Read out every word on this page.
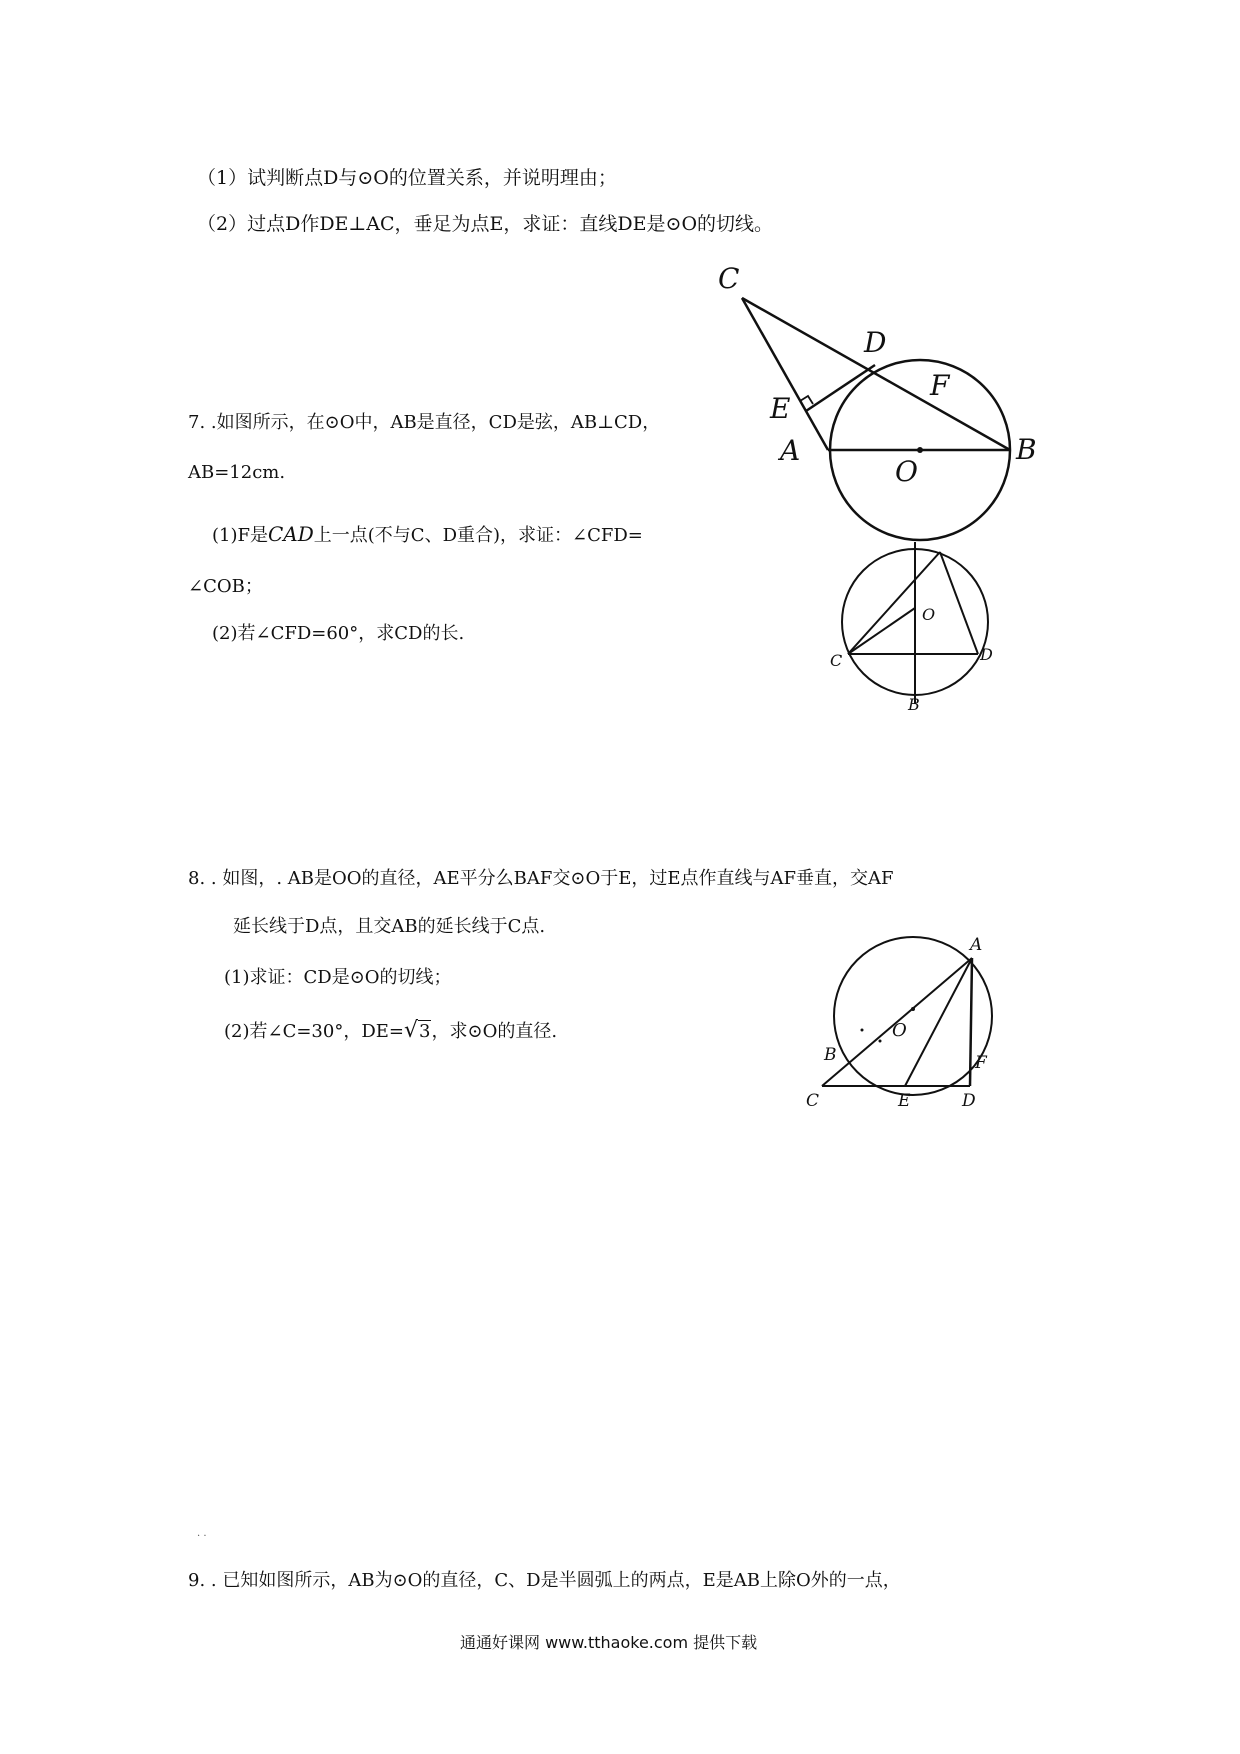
（1）试判断点D与⊙O的位置关系，并说明理由；
（2）过点D作DE⊥AC，垂足为点E，求证：直线DE是⊙O的切线。
C
D
F
E
A
O
B
7. .如图所示，在⊙O中，AB是直径，CD是弦，AB⊥CD，
AB=12cm.
(1)F是CAD上一点(不与C、D重合)，求证：∠CFD=
∠COB；
(2)若∠CFD=60°，求CD的长.
O
C	D
B
8. . 如图，. AB是OO的直径，AE平分么BAF交⊙O于E，过E点作直线与AF垂直，交AF
延长线于D点，且交AB的延长线于C点.
(1)求证：CD是⊙O的切线；
(2)若∠C=30°，DE=√3，求⊙O的直径.
A
O
B	F
C	E	D
. .
9. . 已知如图所示，AB为⊙O的直径，C、D是半圆弧上的两点，E是AB上除O外的一点，
通通好课网 www.tthaoke.com 提供下载
